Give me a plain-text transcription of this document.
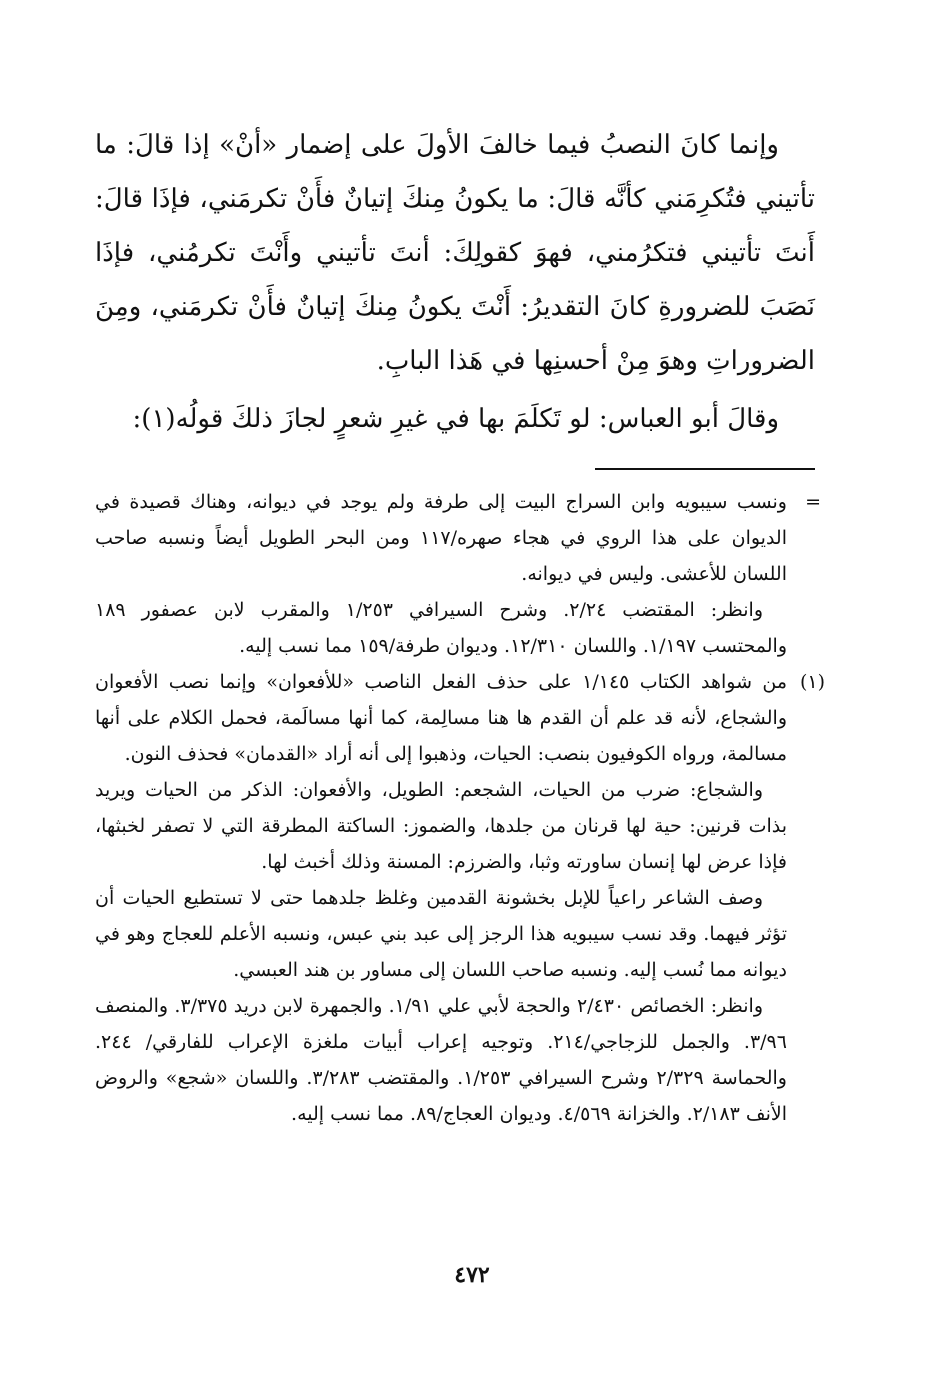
وإنما كانَ النصبُ فيما خالفَ الأولَ على إضمار «أنْ» إذا قالَ: ما تأتيني فتُكرِمَني كأنَّه قالَ: ما يكونُ مِنكَ إتيانٌ فأَنْ تكرمَني، فإذَا قالَ: أَنتَ تأتيني فتكرُمني، فهوَ كقولِكَ: أنتَ تأتيني وأَنْتَ تكرمُني، فإذَا نَصَبَ للضرورةِ كانَ التقديرُ: أَنْتَ يكونُ مِنكَ إتيانٌ فأَنْ تكرمَني، ومِنَ الضروراتِ وهوَ مِنْ أحسنِها في هَذا البابِ.

وقالَ أبو العباس: لو تَكلَمَ بها في غيرِ شعرٍ لجازَ ذلكَ قولُه(١):

=

ونسب سيبويه وابن السراج البيت إلى طرفة ولم يوجد في ديوانه، وهناك قصيدة في الديوان على هذا الروي في هجاء صهره/١١٧ ومن البحر الطويل أيضاً ونسبه صاحب اللسان للأعشى. وليس في ديوانه.

وانظر: المقتضب ٢/٢٤. وشرح السيرافي ١/٢٥٣ والمقرب لابن عصفور ١٨٩ والمحتسب ١/١٩٧. واللسان ١٢/٣١٠. وديوان طرفة/١٥٩ مما نسب إليه.

(١)

من شواهد الكتاب ١/١٤٥ على حذف الفعل الناصب «للأفعوان» وإنما نصب الأفعوان والشجاع، لأنه قد علم أن القدم ها هنا مسالِمة، كما أنها مسالَمة، فحمل الكلام على أنها مسالمة، ورواه الكوفيون بنصب: الحيات، وذهبوا إلى أنه أراد «القدمان» فحذف النون.

والشجاع: ضرب من الحيات، الشجعم: الطويل، والأفعوان: الذكر من الحيات ويريد بذات قرنين: حية لها قرنان من جلدها، والضموز: الساكتة المطرقة التي لا تصفر لخبثها، فإذا عرض لها إنسان ساورته وثبا، والضرزم: المسنة وذلك أخبث لها.

وصف الشاعر راعياً للإبل بخشونة القدمين وغلظ جلدهما حتى لا تستطيع الحيات أن تؤثر فيهما. وقد نسب سيبويه هذا الرجز إلى عبد بني عبس، ونسبه الأعلم للعجاج وهو في ديوانه مما نُسب إليه. ونسبه صاحب اللسان إلى مساور بن هند العبسي.

وانظر: الخصائص ٢/٤٣٠ والحجة لأبي علي ١/٩١. والجمهرة لابن دريد ٣/٣٧٥. والمنصف ٣/٩٦. والجمل للزجاجي/٢١٤. وتوجيه إعراب أبيات ملغزة الإعراب للفارقي/ ٢٤٤. والحماسة ٢/٣٢٩ وشرح السيرافي ١/٢٥٣. والمقتضب ٣/٢٨٣. واللسان «شجع» والروض الأنف ٢/١٨٣. والخزانة ٤/٥٦٩. وديوان العجاج/٨٩. مما نسب إليه.

٤٧٢
